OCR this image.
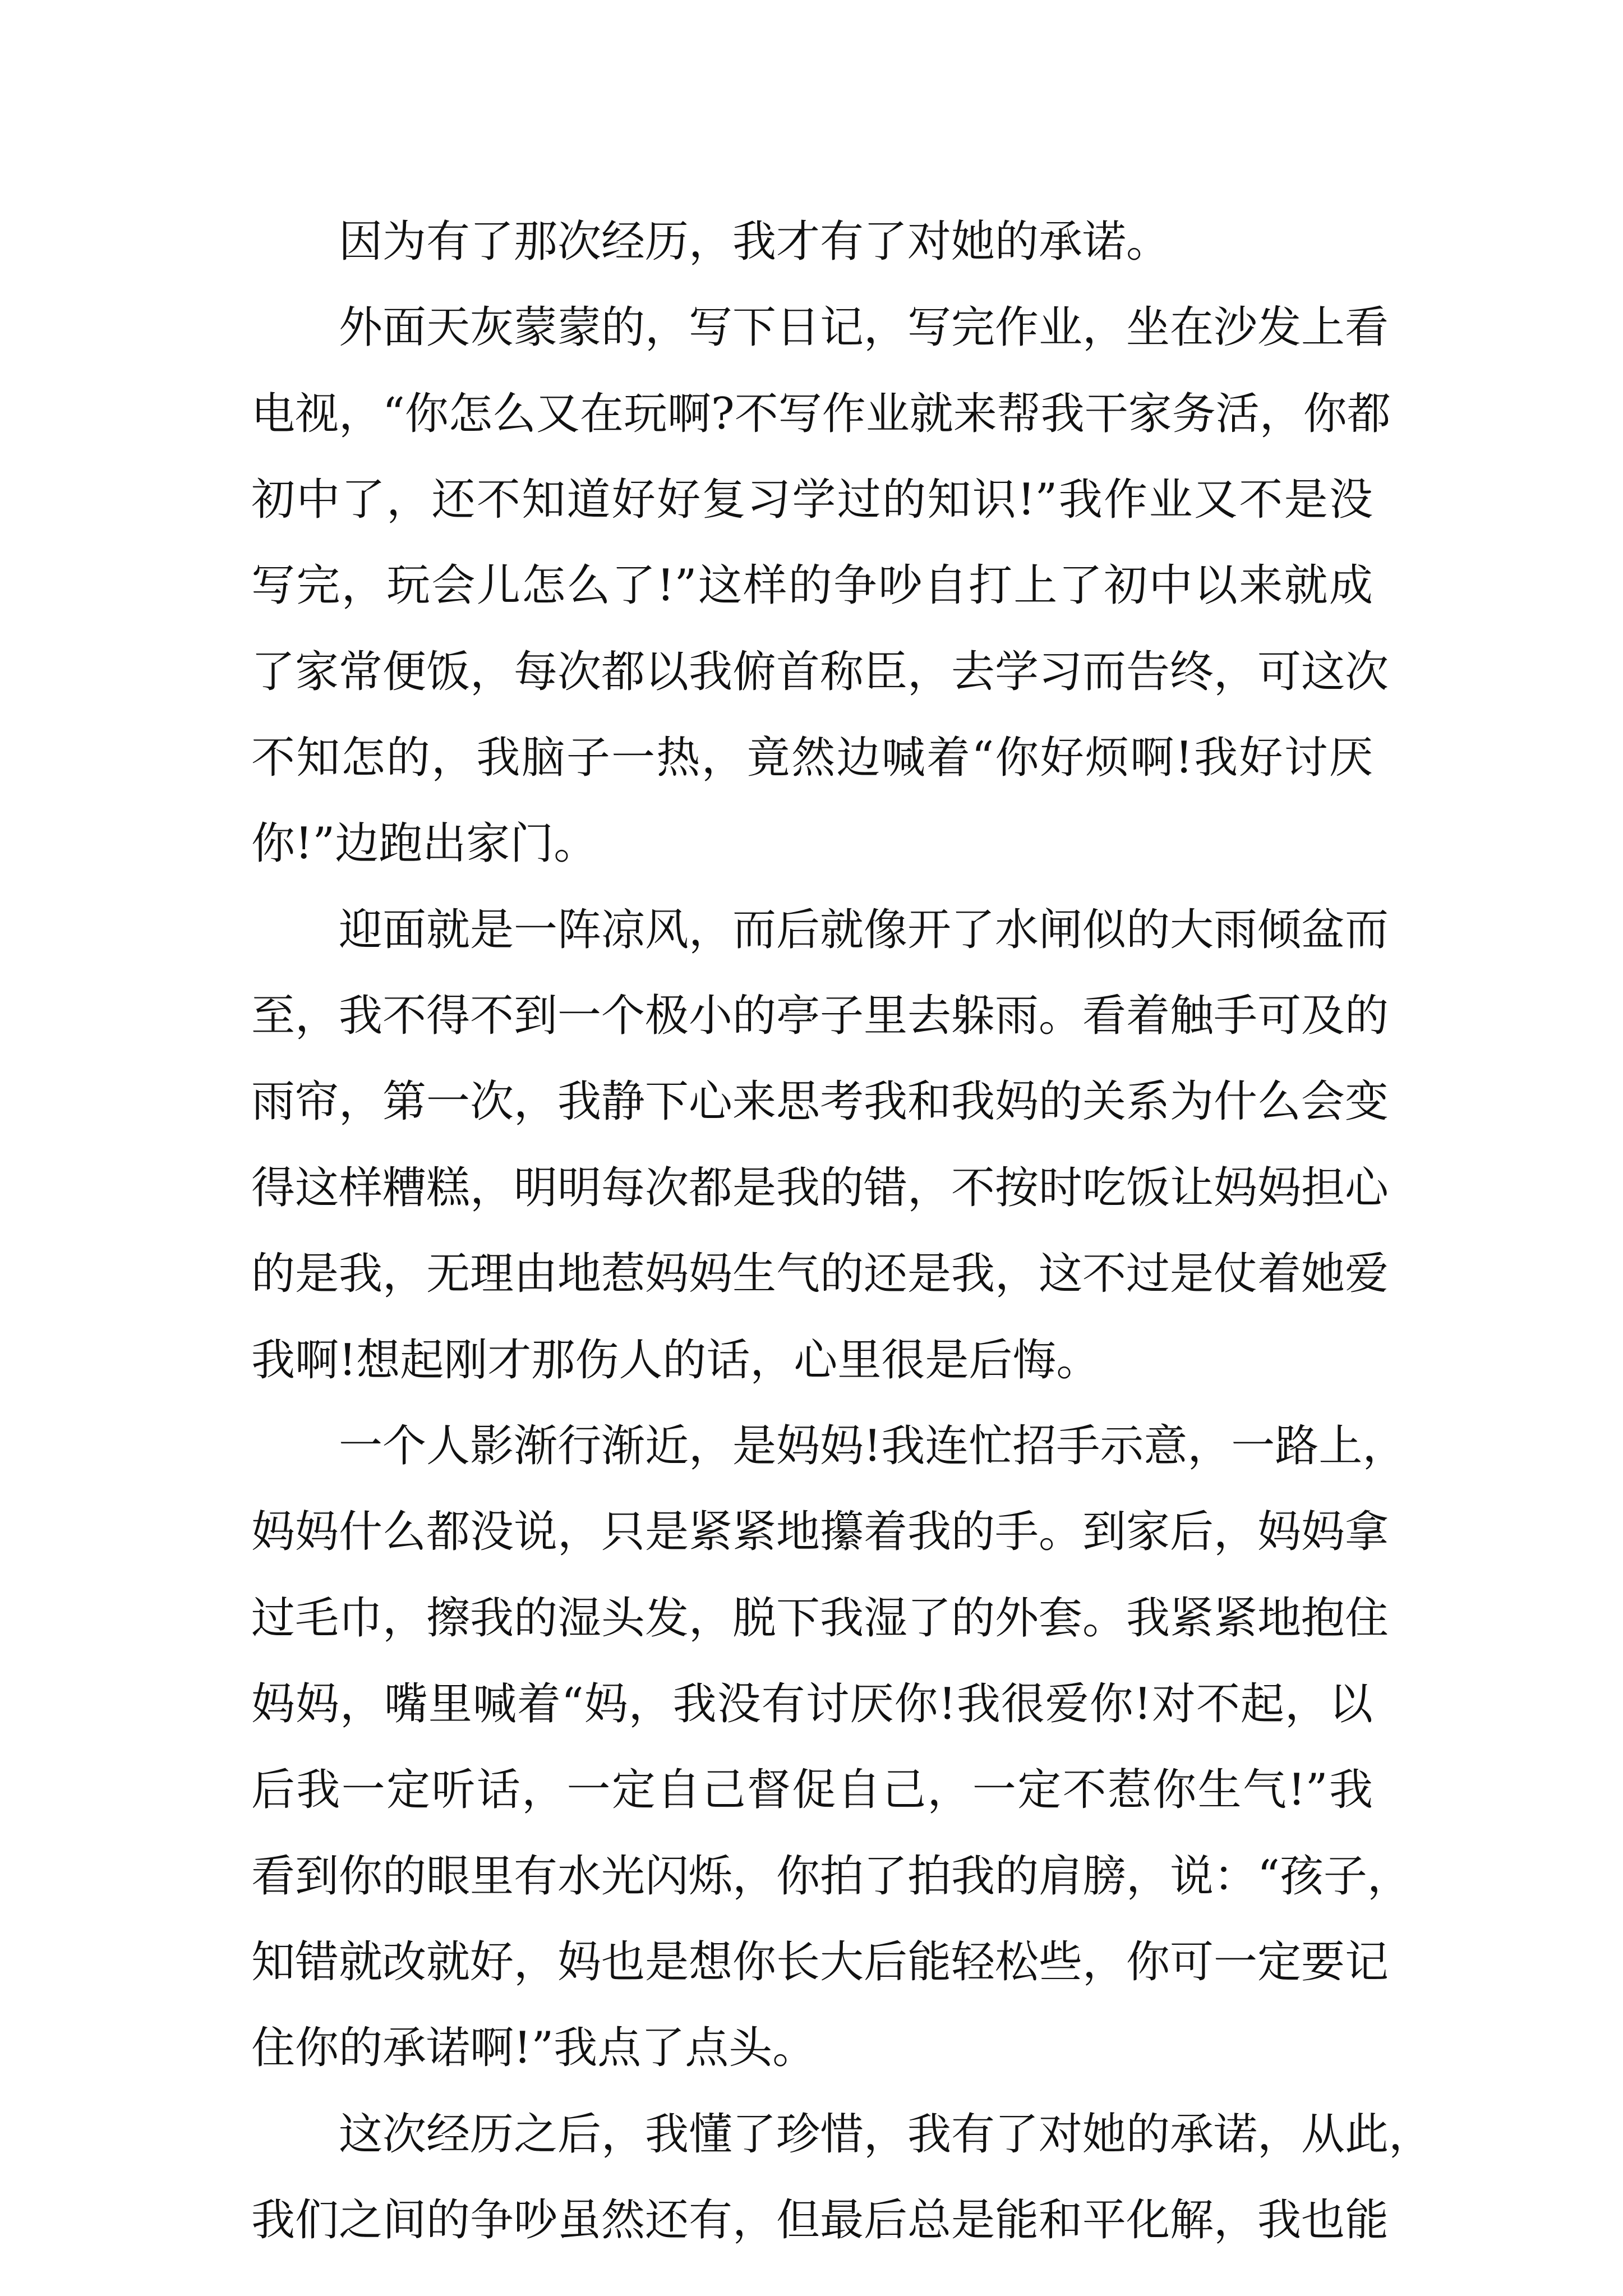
因为有了那次经历，我才有了对她的承诺。

外面天灰蒙蒙的，写下日记，写完作业，坐在沙发上看

电视，“你怎么又在玩啊?不写作业就来帮我干家务活，你都

初中了，还不知道好好复习学过的知识!”我作业又不是没

写完，玩会儿怎么了!”这样的争吵自打上了初中以来就成

了家常便饭，每次都以我俯首称臣，去学习而告终，可这次

不知怎的，我脑子一热，竟然边喊着“你好烦啊!我好讨厌

你!”边跑出家门。

迎面就是一阵凉风，而后就像开了水闸似的大雨倾盆而

至，我不得不到一个极小的亭子里去躲雨。看着触手可及的

雨帘，第一次，我静下心来思考我和我妈的关系为什么会变

得这样糟糕，明明每次都是我的错，不按时吃饭让妈妈担心

的是我，无理由地惹妈妈生气的还是我，这不过是仗着她爱

我啊!想起刚才那伤人的话，心里很是后悔。

一个人影渐行渐近，是妈妈!我连忙招手示意，一路上，

妈妈什么都没说，只是紧紧地攥着我的手。到家后，妈妈拿

过毛巾，擦我的湿头发，脱下我湿了的外套。我紧紧地抱住

妈妈，嘴里喊着“妈，我没有讨厌你!我很爱你!对不起，以

后我一定听话，一定自己督促自己，一定不惹你生气!”我

看到你的眼里有水光闪烁，你拍了拍我的肩膀，说：“孩子，

知错就改就好，妈也是想你长大后能轻松些，你可一定要记

住你的承诺啊!”我点了点头。

这次经历之后，我懂了珍惜，我有了对她的承诺，从此，

我们之间的争吵虽然还有，但最后总是能和平化解，我也能
